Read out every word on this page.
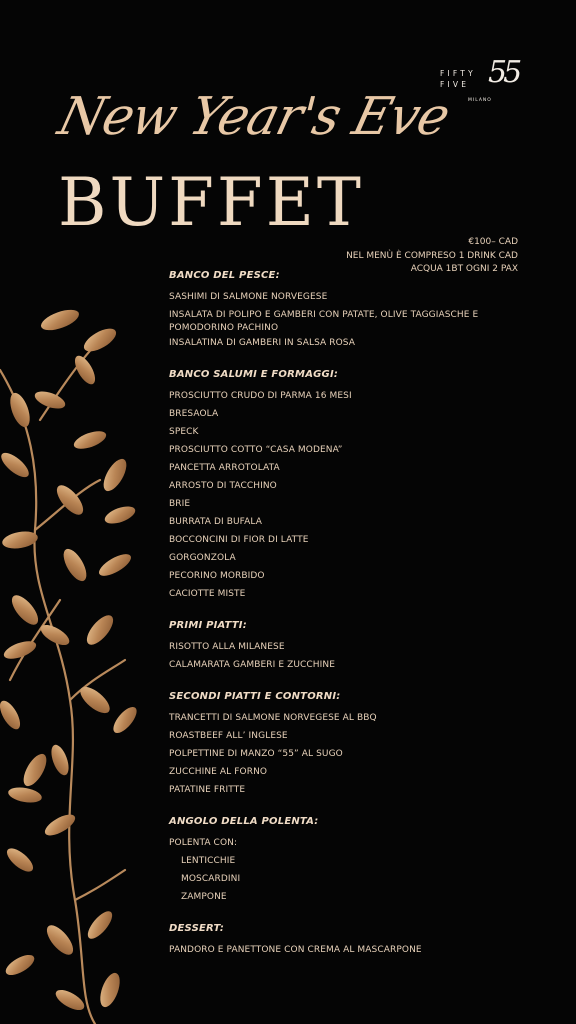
FIFTY
FIVE 55
MILANO
New Year's Eve
BUFFET
€100– CAD
NEL MENÙ È COMPRESO 1 DRINK CAD
ACQUA 1BT OGNI 2 PAX
BANCO DEL PESCE:
SASHIMI DI SALMONE NORVEGESE
INSALATA DI POLIPO E GAMBERI CON PATATE, OLIVE TAGGIASCHE E POMODORINO PACHINO
INSALATINA DI GAMBERI IN SALSA ROSA
BANCO SALUMI E FORMAGGI:
PROSCIUTTO CRUDO DI PARMA 16 MESI
BRESAOLA
SPECK
PROSCIUTTO COTTO “CASA MODENA”
PANCETTA ARROTOLATA
ARROSTO DI TACCHINO
BRIE
BURRATA DI BUFALA
BOCCONCINI DI FIOR DI LATTE
GORGONZOLA
PECORINO MORBIDO
CACIOTTE MISTE
PRIMI PIATTI:
RISOTTO ALLA MILANESE
CALAMARATA GAMBERI E ZUCCHINE
SECONDI PIATTI E CONTORNI:
TRANCETTI DI SALMONE NORVEGESE AL BBQ
ROASTBEEF ALL’ INGLESE
POLPETTINE DI MANZO “55” AL SUGO
ZUCCHINE AL FORNO
PATATINE FRITTE
ANGOLO DELLA POLENTA:
POLENTA CON:
LENTICCHIE
MOSCARDINI
ZAMPONE
DESSERT:
PANDORO E PANETTONE CON CREMA AL MASCARPONE
